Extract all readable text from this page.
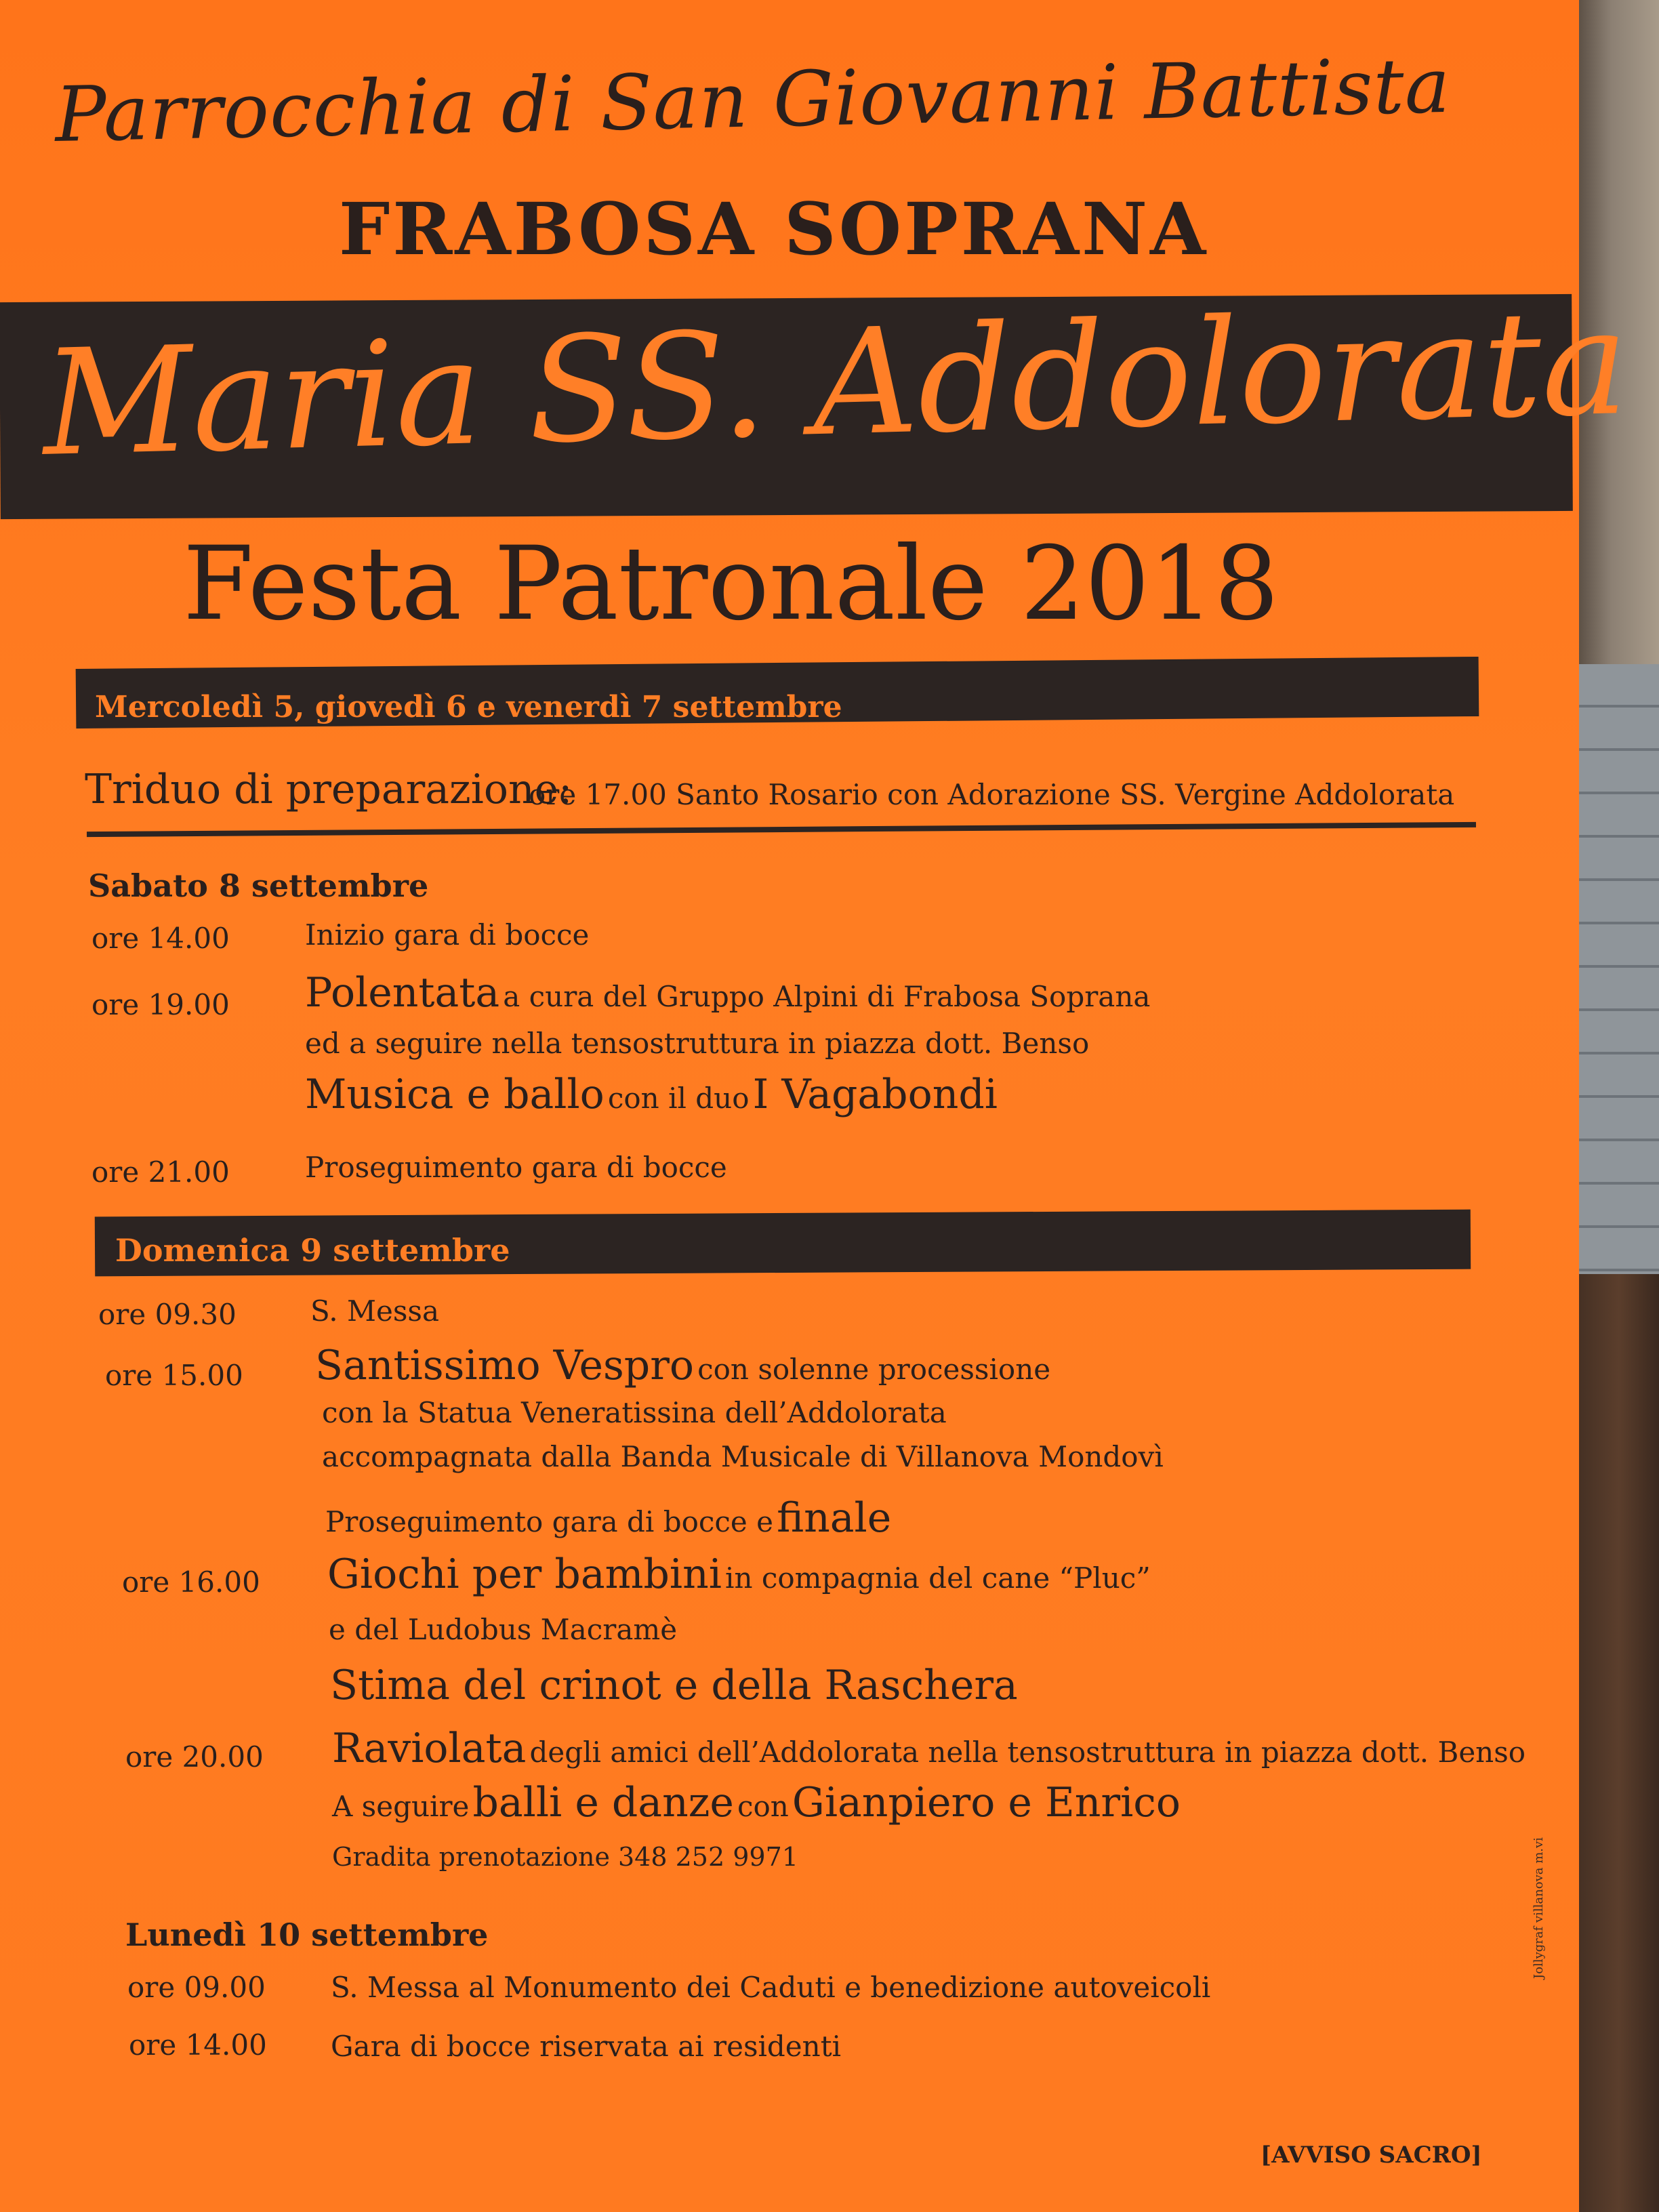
Parrocchia di San Giovanni Battista
FRABOSA SOPRANA
Maria SS. Addolorata
Festa Patronale 2018
Mercoledì 5, giovedì 6 e venerdì 7 settembre
Triduo di preparazione:
ore 17.00 Santo Rosario con Adorazione SS. Vergine Addolorata
Sabato 8 settembre
ore 14.00	Inizio gara di bocce
ore 19.00 Polentata a cura del Gruppo Alpini di Frabosa Soprana
ed a seguire nella tensostruttura in piazza dott. Benso
Musica e ballo con il duo I Vagabondi
ore 21.00	Proseguimento gara di bocce
Domenica 9 settembre
ore 09.30	S. Messa
ore 15.00 Santissimo Vespro con solenne processione
con la Statua Veneratissina dell’Addolorata
accompagnata dalla Banda Musicale di Villanova Mondovì
Proseguimento gara di bocce e finale
ore 16.00 Giochi per bambini in compagnia del cane “Pluc”
e del Ludobus Macramè
Stima del crinot e della Raschera
ore 20.00 Raviolata degli amici dell’Addolorata nella tensostruttura in piazza dott. Benso
A seguire balli e danze con Gianpiero e Enrico
Gradita prenotazione 348 252 9971
Lunedì 10 settembre
ore 09.00 S. Messa al Monumento dei Caduti e benedizione autoveicoli
ore 14.00 Gara di bocce riservata ai residenti
Jollygraf villanova m.vi
[AVVISO SACRO]
